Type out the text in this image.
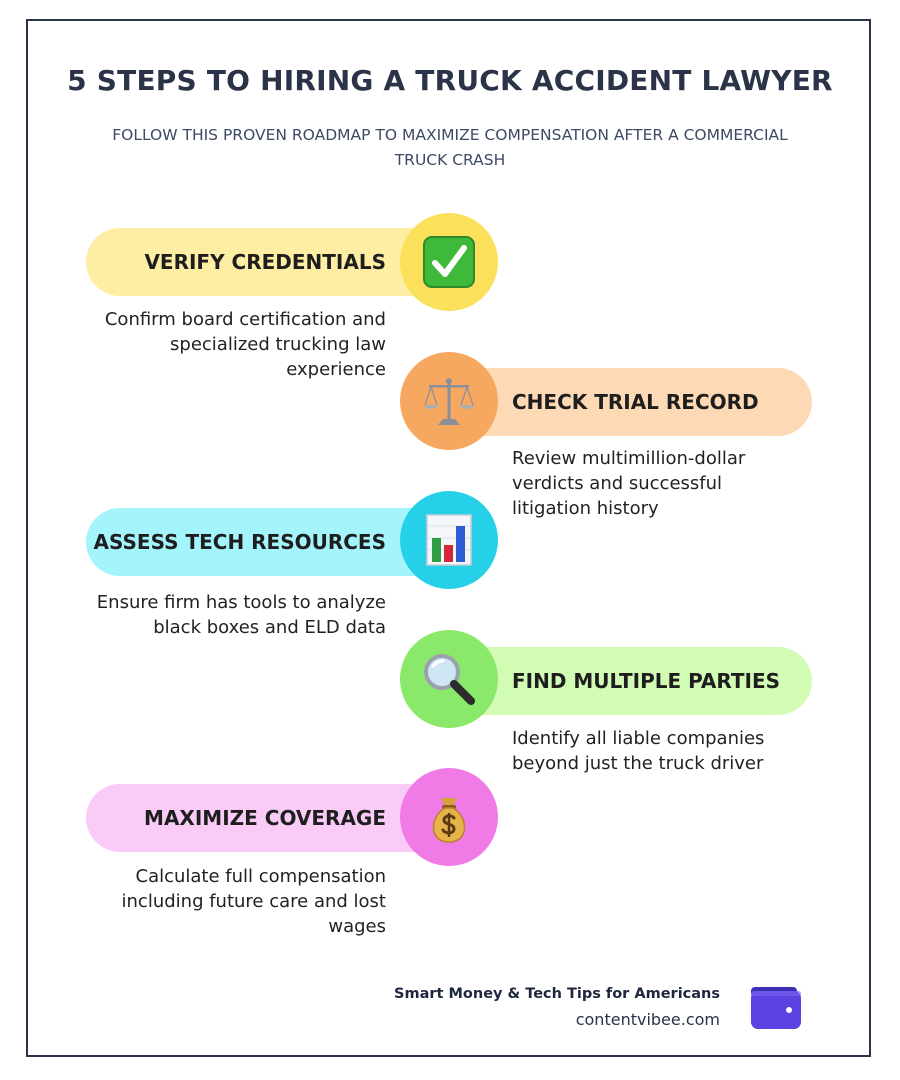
5 STEPS TO HIRING A TRUCK ACCIDENT LAWYER
FOLLOW THIS PROVEN ROADMAP TO MAXIMIZE COMPENSATION AFTER A COMMERCIAL TRUCK CRASH
VERIFY CREDENTIALS
Confirm board certification and specialized trucking law experience
CHECK TRIAL RECORD
Review multimillion-dollar verdicts and successful litigation history
ASSESS TECH RESOURCES
Ensure firm has tools to analyze black boxes and ELD data
FIND MULTIPLE PARTIES
Identify all liable companies beyond just the truck driver
MAXIMIZE COVERAGE
Calculate full compensation including future care and lost wages
Smart Money & Tech Tips for Americans
contentvibee.com
